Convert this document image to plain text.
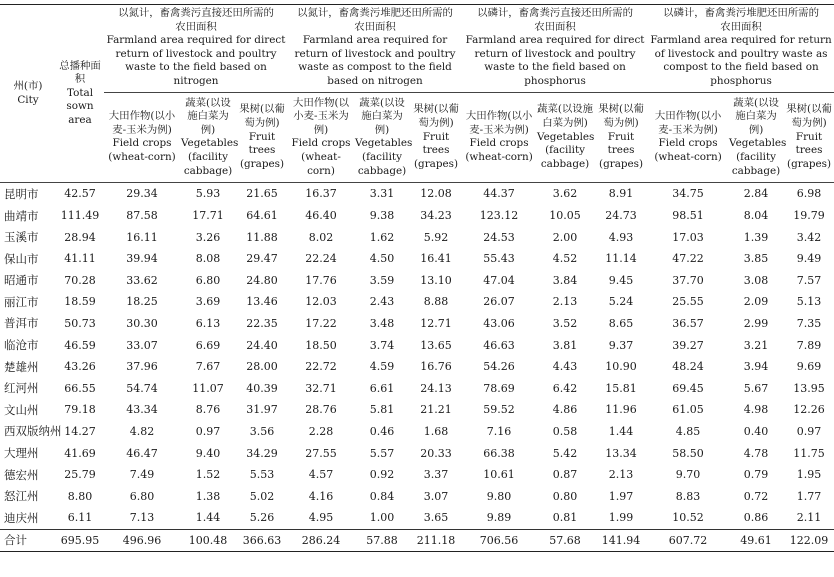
州(市)
City	总播种面积
Total sown area	以氮计，畜禽粪污直接还田所需的
农田面积
Farmland area required for direct return of livestock and poultry waste to the field based on nitrogen			以氮计，畜禽粪污堆肥还田所需的
农田面积
Farmland area required for return of livestock and poultry waste as compost to the field based on nitrogen			以磷计，畜禽粪污直接还田所需的
农田面积
Farmland area required for direct return of livestock and poultry waste to the field based on phosphorus			以磷计，畜禽粪污堆肥还田所需的
农田面积
Farmland area required for return of livestock and poultry waste as compost to the field based on phosphorus		

		大田作物(以小麦-玉米为例)
Field crops
(wheat-corn)	蔬菜(以设施白菜为例)
Vegetables
(facility
cabbage)	果树(以葡萄为例)
Fruit trees
(grapes)	大田作物(以小麦-玉米为例)
Field crops
(wheat-corn)	蔬菜(以设施白菜为例)
Vegetables
(facility
cabbage)	果树(以葡萄为例)
Fruit trees
(grapes)	大田作物(以小麦-玉米为例)
Field crops
(wheat-corn)	蔬菜(以设施白菜为例)
Vegetables
(facility
cabbage)	果树(以葡萄为例)
Fruit trees
(grapes)	大田作物(以小麦-玉米为例)
Field crops
(wheat-corn)	蔬菜(以设施白菜为例)
Vegetables
(facility
cabbage)	果树(以葡萄为例)
Fruit trees
(grapes)

昆明市	42.57	29.34	5.93	21.65	16.37	3.31	12.08	44.37	3.62	8.91	34.75	2.84	6.98
曲靖市	111.49	87.58	17.71	64.61	46.40	9.38	34.23	123.12	10.05	24.73	98.51	8.04	19.79
玉溪市	28.94	16.11	3.26	11.88	8.02	1.62	5.92	24.53	2.00	4.93	17.03	1.39	3.42
保山市	41.11	39.94	8.08	29.47	22.24	4.50	16.41	55.43	4.52	11.14	47.22	3.85	9.49
昭通市	70.28	33.62	6.80	24.80	17.76	3.59	13.10	47.04	3.84	9.45	37.70	3.08	7.57
丽江市	18.59	18.25	3.69	13.46	12.03	2.43	8.88	26.07	2.13	5.24	25.55	2.09	5.13
普洱市	50.73	30.30	6.13	22.35	17.22	3.48	12.71	43.06	3.52	8.65	36.57	2.99	7.35
临沧市	46.59	33.07	6.69	24.40	18.50	3.74	13.65	46.63	3.81	9.37	39.27	3.21	7.89
楚雄州	43.26	37.96	7.67	28.00	22.72	4.59	16.76	54.26	4.43	10.90	48.24	3.94	9.69
红河州	66.55	54.74	11.07	40.39	32.71	6.61	24.13	78.69	6.42	15.81	69.45	5.67	13.95
文山州	79.18	43.34	8.76	31.97	28.76	5.81	21.21	59.52	4.86	11.96	61.05	4.98	12.26
西双版纳州	14.27	4.82	0.97	3.56	2.28	0.46	1.68	7.16	0.58	1.44	4.85	0.40	0.97
大理州	41.69	46.47	9.40	34.29	27.55	5.57	20.33	66.38	5.42	13.34	58.50	4.78	11.75
德宏州	25.79	7.49	1.52	5.53	4.57	0.92	3.37	10.61	0.87	2.13	9.70	0.79	1.95
怒江州	8.80	6.80	1.38	5.02	4.16	0.84	3.07	9.80	0.80	1.97	8.83	0.72	1.77
迪庆州	6.11	7.13	1.44	5.26	4.95	1.00	3.65	9.89	0.81	1.99	10.52	0.86	2.11
合计	695.95	496.96	100.48	366.63	286.24	57.88	211.18	706.56	57.68	141.94	607.72	49.61	122.09
